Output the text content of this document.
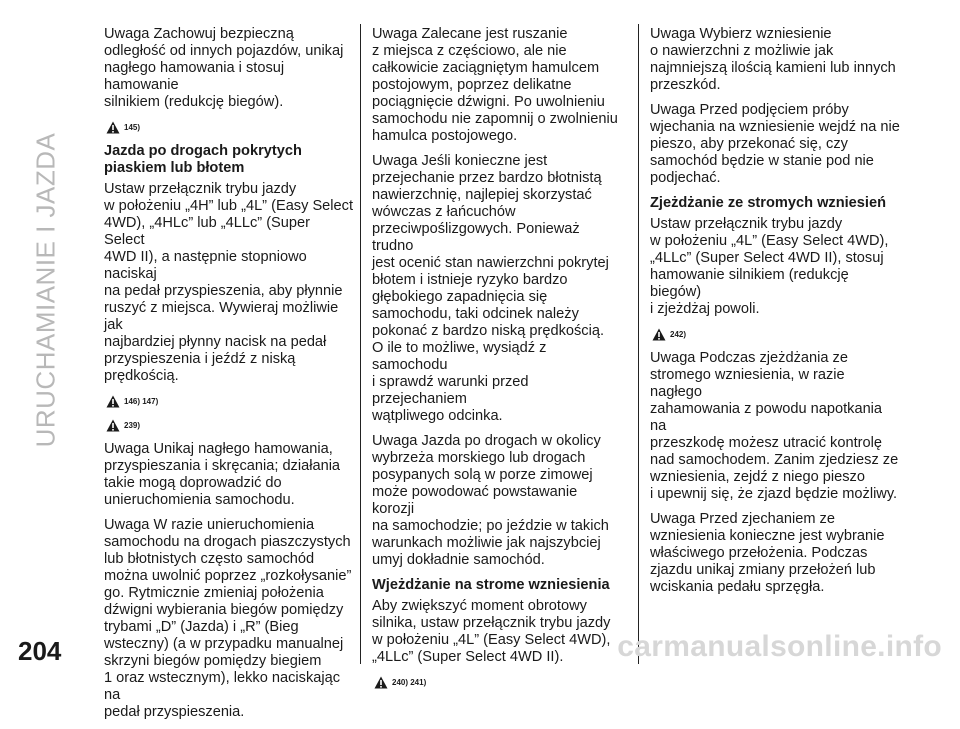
URUCHAMIANIE I JAZDA
204

Uwaga Zachowuj bezpieczną
odległość od innych pojazdów, unikaj
nagłego hamowania i stosuj hamowanie
silnikiem (redukcję biegów).

145)
Jazda po drogach pokrytych
piaskiem lub błotem

Ustaw przełącznik trybu jazdy
w położeniu „4H” lub „4L” (Easy Select
4WD), „4HLc” lub „4LLc” (Super Select
4WD II), a następnie stopniowo naciskaj
na pedał przyspieszenia, aby płynnie
ruszyć z miejsca. Wywieraj możliwie jak
najbardziej płynny nacisk na pedał
przyspieszenia i jeźdź z niską
prędkością.

146) 147)
239)

Uwaga Unikaj nagłego hamowania,
przyspieszania i skręcania; działania
takie mogą doprowadzić do
unieruchomienia samochodu.

Uwaga W razie unieruchomienia
samochodu na drogach piaszczystych
lub błotnistych często samochód
można uwolnić poprzez „rozkołysanie”
go. Rytmicznie zmieniaj położenia
dźwigni wybierania biegów pomiędzy
trybami „D” (Jazda) i „R” (Bieg
wsteczny) (a w przypadku manualnej
skrzyni biegów pomiędzy biegiem
1 oraz wstecznym), lekko naciskając na
pedał przyspieszenia.

Uwaga Zalecane jest ruszanie
z miejsca z częściowo, ale nie
całkowicie zaciągniętym hamulcem
postojowym, poprzez delikatne
pociągnięcie dźwigni. Po uwolnieniu
samochodu nie zapomnij o zwolnieniu
hamulca postojowego.

Uwaga Jeśli konieczne jest
przejechanie przez bardzo błotnistą
nawierzchnię, najlepiej skorzystać
wówczas z łańcuchów
przeciwpoślizgowych. Ponieważ trudno
jest ocenić stan nawierzchni pokrytej
błotem i istnieje ryzyko bardzo
głębokiego zapadnięcia się
samochodu, taki odcinek należy
pokonać z bardzo niską prędkością.
O ile to możliwe, wysiądź z samochodu
i sprawdź warunki przed przejechaniem
wątpliwego odcinka.

Uwaga Jazda po drogach w okolicy
wybrzeża morskiego lub drogach
posypanych solą w porze zimowej
może powodować powstawanie korozji
na samochodzie; po jeździe w takich
warunkach możliwie jak najszybciej
umyj dokładnie samochód.

Wjeżdżanie na strome wzniesienia

Aby zwiększyć moment obrotowy
silnika, ustaw przełącznik trybu jazdy
w położeniu „4L” (Easy Select 4WD),
„4LLc” (Super Select 4WD II).

240) 241)

Uwaga Wybierz wzniesienie
o nawierzchni z możliwie jak
najmniejszą ilością kamieni lub innych
przeszkód.

Uwaga Przed podjęciem próby
wjechania na wzniesienie wejdź na nie
pieszo, aby przekonać się, czy
samochód będzie w stanie pod nie
podjechać.

Zjeżdżanie ze stromych wzniesień

Ustaw przełącznik trybu jazdy
w położeniu „4L” (Easy Select 4WD),
„4LLc” (Super Select 4WD II), stosuj
hamowanie silnikiem (redukcję biegów)
i zjeżdżaj powoli.

242)

Uwaga Podczas zjeżdżania ze
stromego wzniesienia, w razie nagłego
zahamowania z powodu napotkania na
przeszkodę możesz utracić kontrolę
nad samochodem. Zanim zjedziesz ze
wzniesienia, zejdź z niego pieszo
i upewnij się, że zjazd będzie możliwy.

Uwaga Przed zjechaniem ze
wzniesienia konieczne jest wybranie
właściwego przełożenia. Podczas
zjazdu unikaj zmiany przełożeń lub
wciskania pedału sprzęgła.

carmanualsonline.info
